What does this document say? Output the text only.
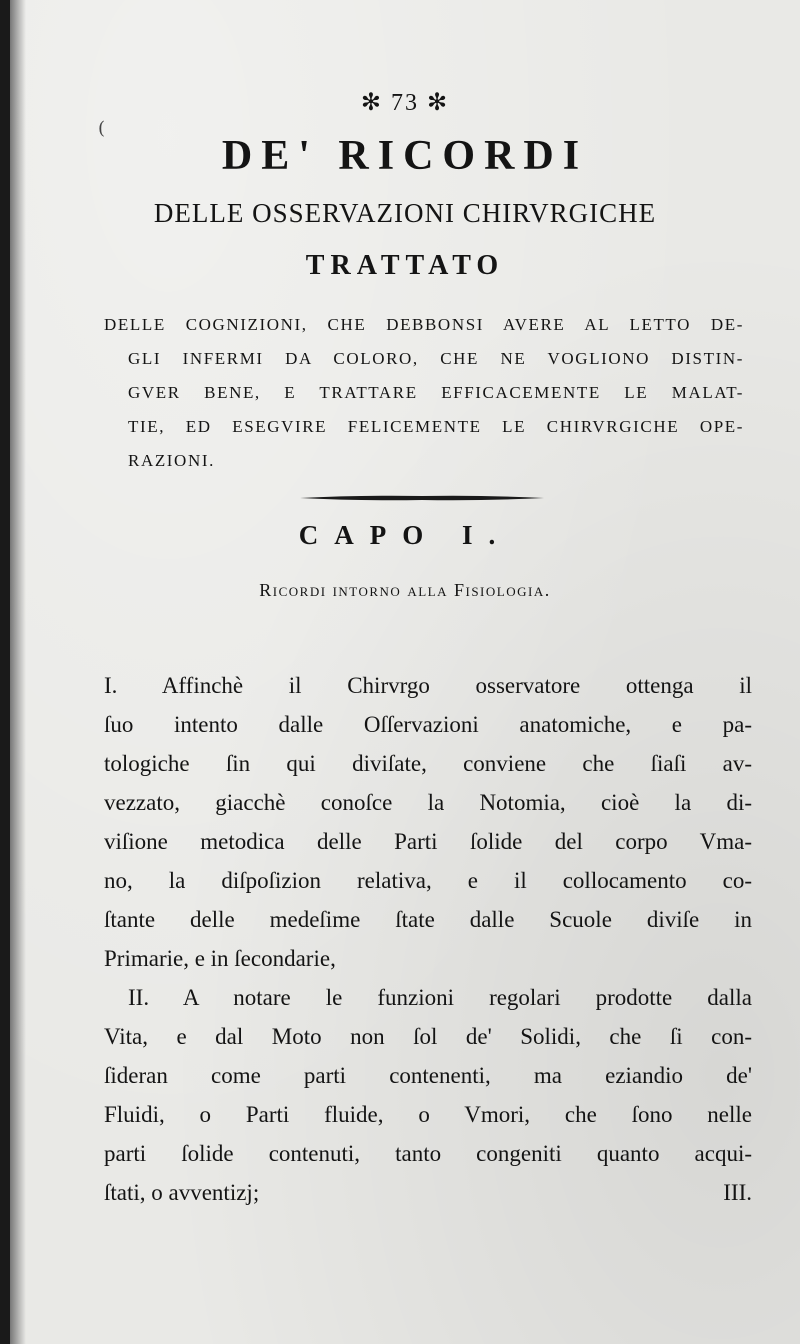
(
✻ 73 ✻
DE' RICORDI
DELLE OSSERVAZIONI CHIRVRGICHE
TRATTATO
DELLE COGNIZIONI, CHE DEBBONSI AVERE AL LETTO DE-
GLI INFERMI DA COLORO, CHE NE VOGLIONO DISTIN-
GVER BENE, E TRATTARE EFFICACEMENTE LE MALAT-
TIE, ED ESEGVIRE FELICEMENTE LE CHIRVRGICHE OPE-
RAZIONI.
CAPO I.
Ricordi intorno alla Fisiologia.
I. Affinchè il Chirvrgo osservatore ottenga il
ſuo intento dalle Oſſervazioni anatomiche, e pa-
tologiche ſin qui diviſate, conviene che ſiaſi av-
vezzato, giacchè conoſce la Notomia, cioè la di-
viſione metodica delle Parti ſolide del corpo Vma-
no, la diſpoſizion relativa, e il collocamento co-
ſtante delle medeſime ſtate dalle Scuole diviſe in
Primarie, e in ſecondarie,
II. A notare le funzioni regolari prodotte dalla
Vita, e dal Moto non ſol de' Solidi, che ſi con-
ſideran come parti contenenti, ma eziandio de'
Fluidi, o Parti fluide, o Vmori, che ſono nelle
parti ſolide contenuti, tanto congeniti quanto acqui-
ſtati, o avventizj;	III.
